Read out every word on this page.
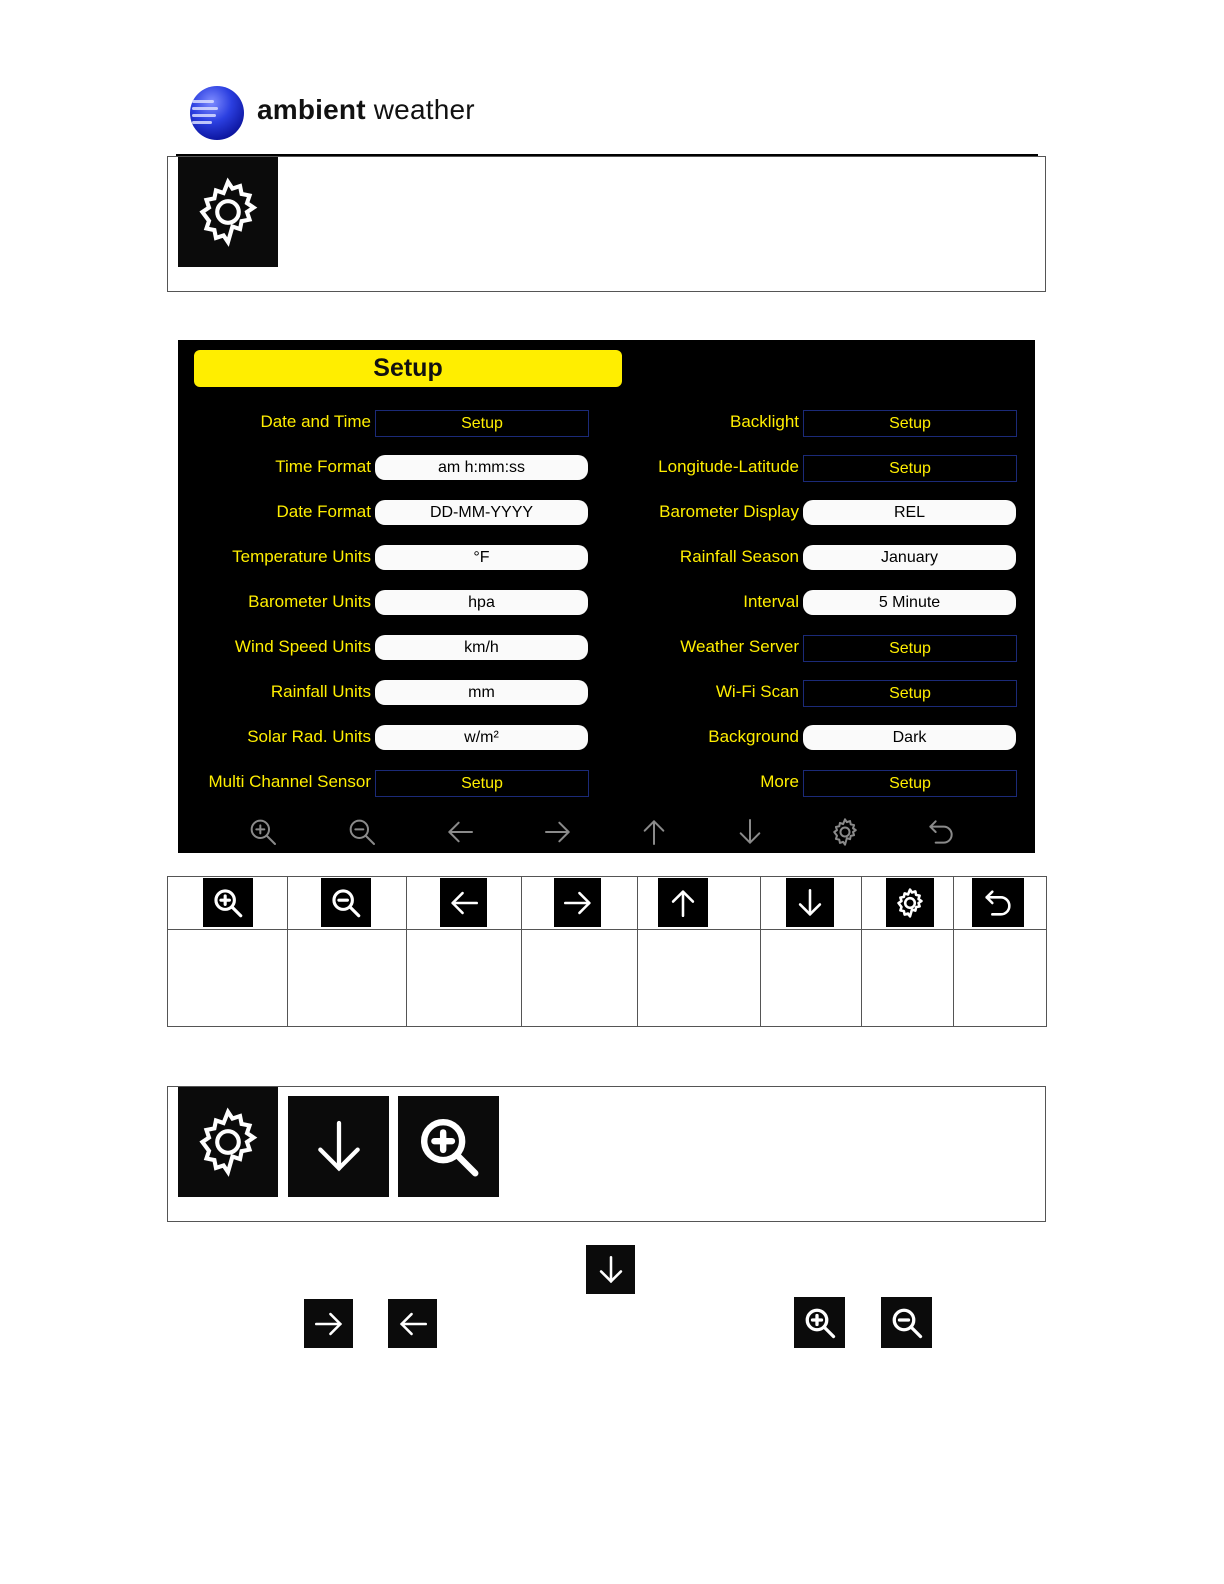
ambient weather
Setup
Date and Time	Setup
Time Format	am h:mm:ss
Date Format	DD-MM-YYYY
Temperature Units	°F
Barometer Units	hpa
Wind Speed Units	km/h
Rainfall Units	mm
Solar Rad. Units	w/m²
Multi Channel Sensor	Setup
Backlight	Setup
Longitude-Latitude	Setup
Barometer Display	REL
Rainfall Season	January
Interval	5 Minute
Weather Server	Setup
Wi-Fi Scan	Setup
Background	Dark
More	Setup
